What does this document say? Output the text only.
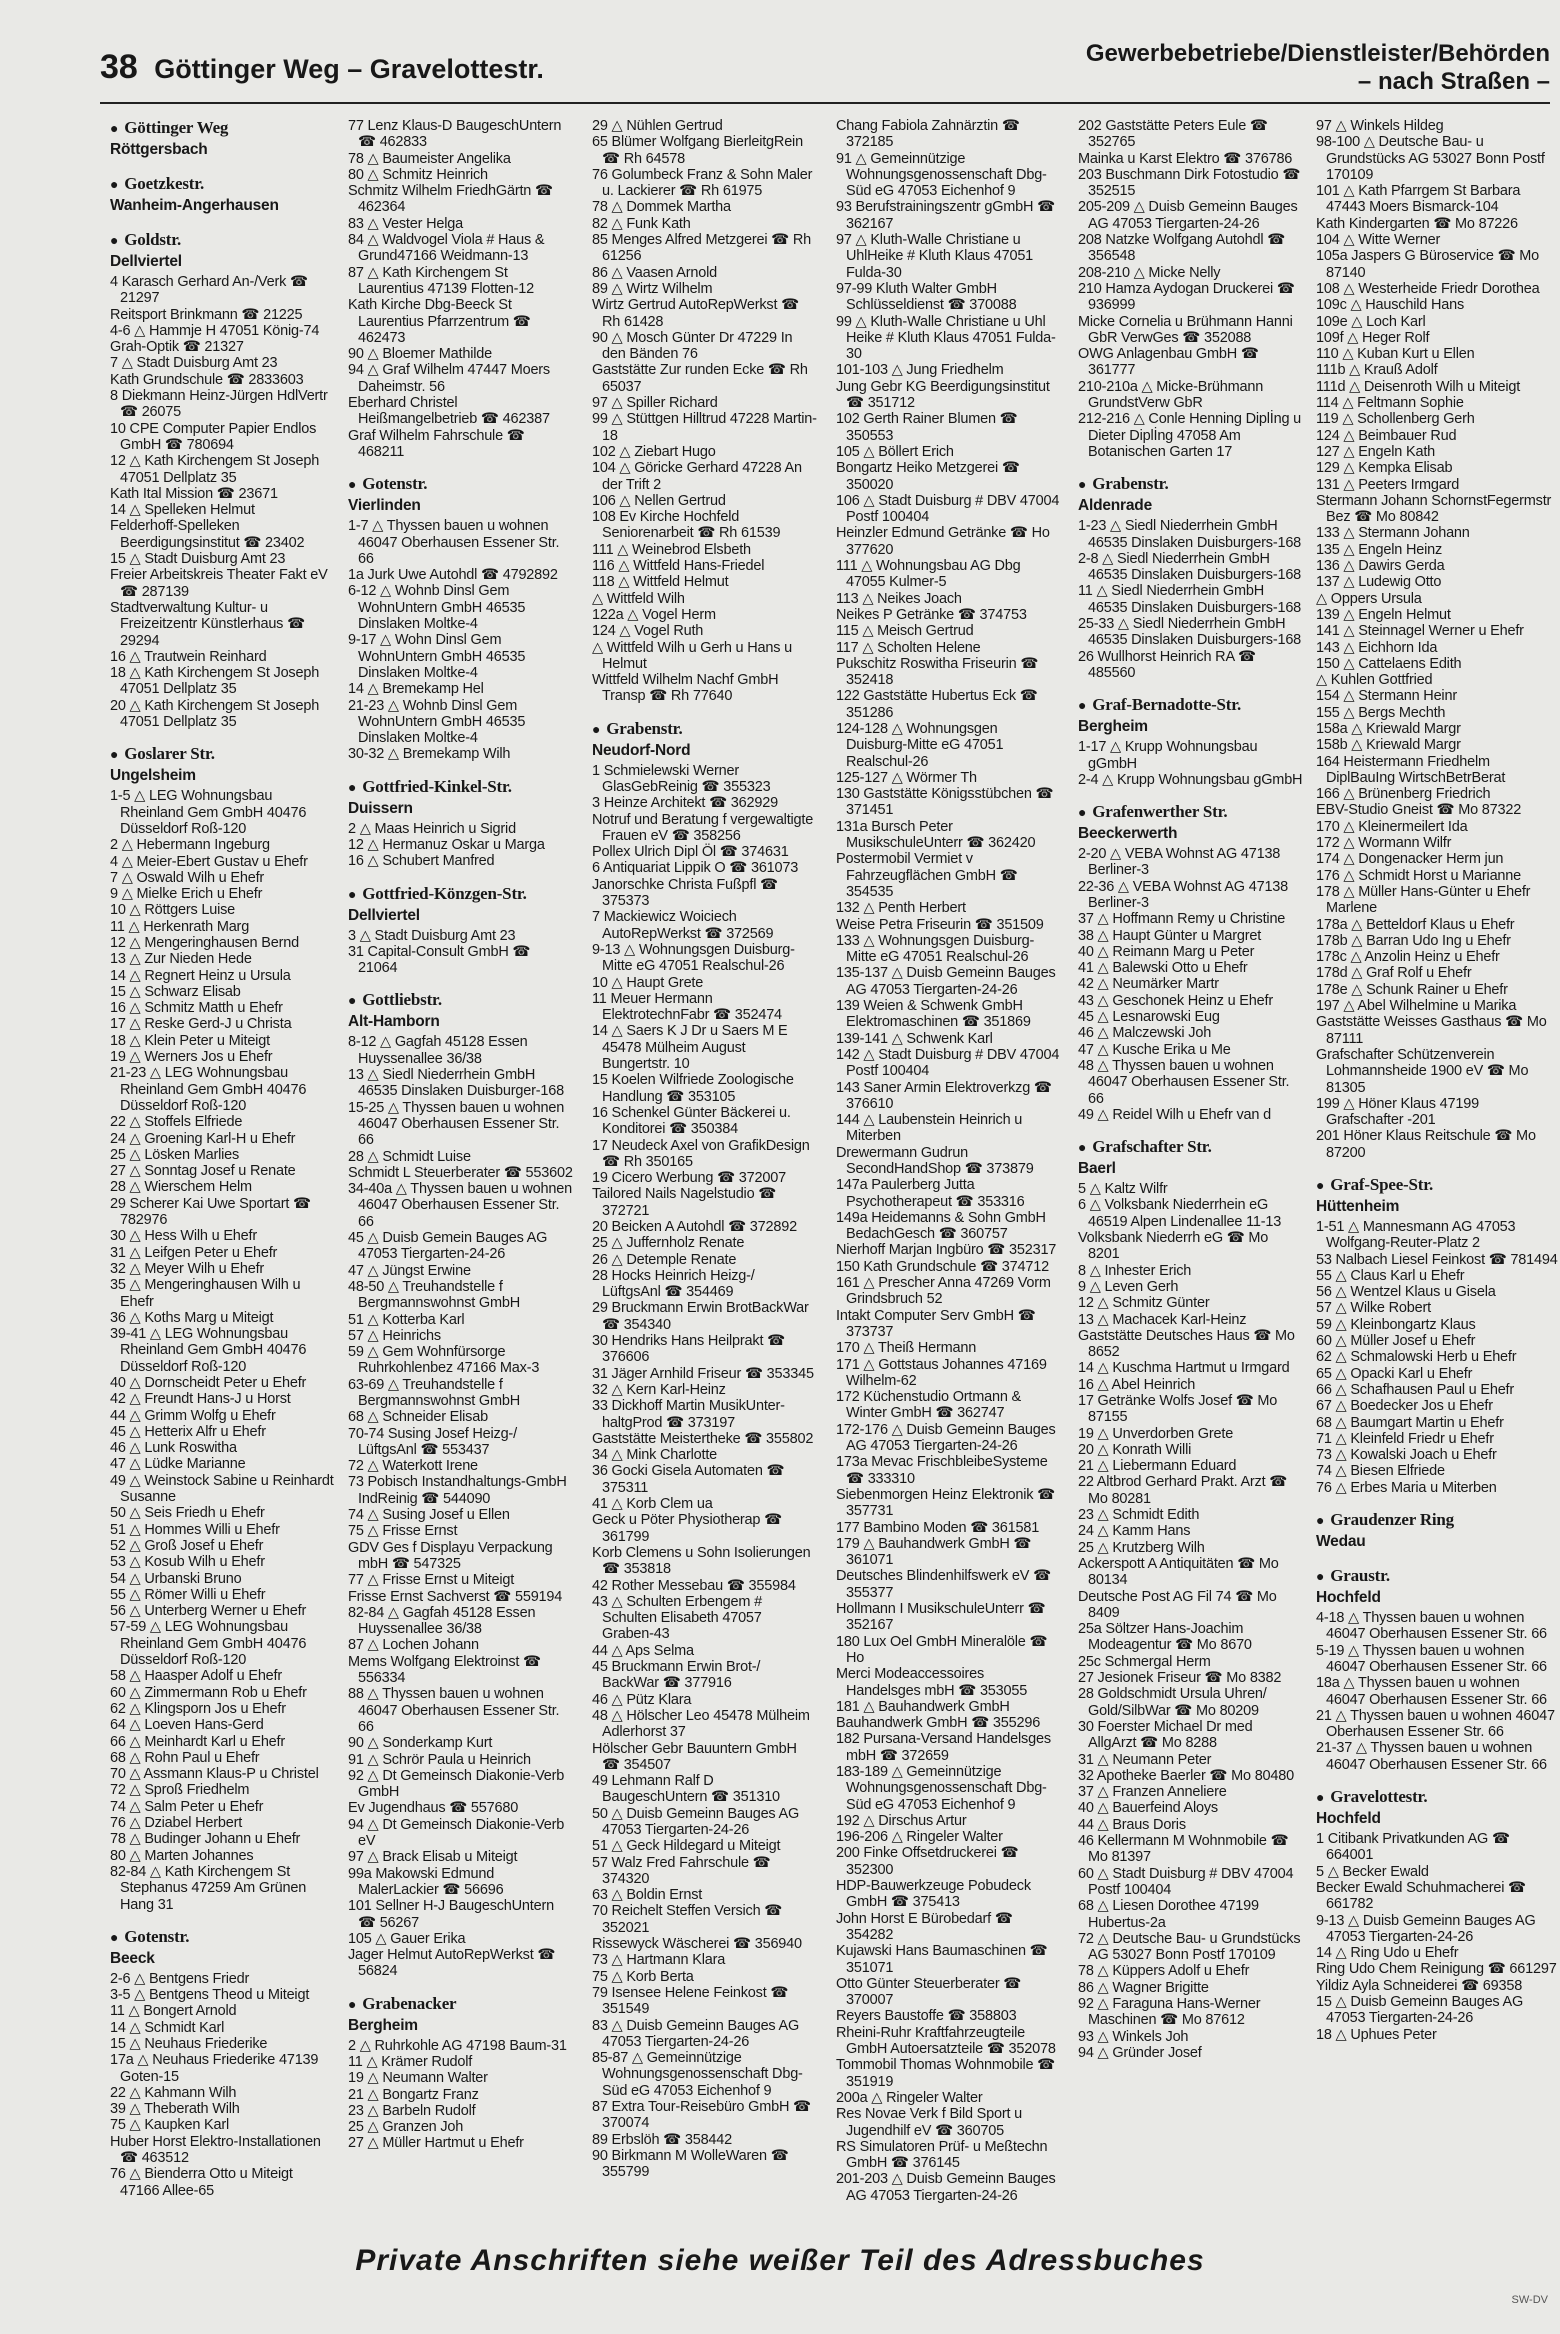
38 Göttinger Weg – Gravelottestr.
Gewerbebetriebe/Dienstleister/Behörden
– nach Straßen –
● Göttinger Weg
Röttgersbach
● Goetzkestr.
Wanheim-Angerhausen
● Goldstr.
Dellviertel
4 Karasch Gerhard An-/Verk ☎ 21297
Reitsport Brinkmann ☎ 21225
4-6 △ Hammje H 47051 König-74
Grah-Optik ☎ 21327
7 △ Stadt Duisburg Amt 23
Kath Grundschule ☎ 2833603
8 Diekmann Heinz-Jürgen HdlVertr ☎ 26075
10 CPE Computer Papier Endlos GmbH ☎ 780694
12 △ Kath Kirchengem St Joseph 47051 Dellplatz 35
Kath Ital Mission ☎ 23671
14 △ Spelleken Helmut
Felderhoff-Spelleken Beerdigungsinstitut ☎ 23402
15 △ Stadt Duisburg Amt 23
Freier Arbeitskreis Theater Fakt eV ☎ 287139
Stadtverwaltung Kultur- u Freizeitzentr Künstlerhaus ☎ 29294
16 △ Trautwein Reinhard
18 △ Kath Kirchengem St Joseph 47051 Dellplatz 35
20 △ Kath Kirchengem St Joseph 47051 Dellplatz 35
● Goslarer Str.
Ungelsheim
1-5 △ LEG Wohnungsbau Rheinland Gem GmbH 40476 Düsseldorf Roß-120
2 △ Hebermann Ingeburg
4 △ Meier-Ebert Gustav u Ehefr
7 △ Oswald Wilh u Ehefr
9 △ Mielke Erich u Ehefr
10 △ Röttgers Luise
11 △ Herkenrath Marg
12 △ Mengeringhausen Bernd
13 △ Zur Nieden Hede
14 △ Regnert Heinz u Ursula
15 △ Schwarz Elisab
16 △ Schmitz Matth u Ehefr
17 △ Reske Gerd-J u Christa
18 △ Klein Peter u Miteigt
19 △ Werners Jos u Ehefr
21-23 △ LEG Wohnungsbau Rheinland Gem GmbH 40476 Düsseldorf Roß-120
22 △ Stoffels Elfriede
24 △ Groening Karl-H u Ehefr
25 △ Lösken Marlies
27 △ Sonntag Josef u Renate
28 △ Wierschem Helm
29 Scherer Kai Uwe Sportart ☎ 782976
30 △ Hess Wilh u Ehefr
31 △ Leifgen Peter u Ehefr
32 △ Meyer Wilh u Ehefr
35 △ Mengeringhausen Wilh u Ehefr
36 △ Koths Marg u Miteigt
39-41 △ LEG Wohnungsbau Rheinland Gem GmbH 40476 Düsseldorf Roß-120
40 △ Dornscheidt Peter u Ehefr
42 △ Freundt Hans-J u Horst
44 △ Grimm Wolfg u Ehefr
45 △ Hetterix Alfr u Ehefr
46 △ Lunk Roswitha
47 △ Lüdke Marianne
49 △ Weinstock Sabine u Reinhardt Susanne
50 △ Seis Friedh u Ehefr
51 △ Hommes Willi u Ehefr
52 △ Groß Josef u Ehefr
53 △ Kosub Wilh u Ehefr
54 △ Urbanski Bruno
55 △ Römer Willi u Ehefr
56 △ Unterberg Werner u Ehefr
57-59 △ LEG Wohnungsbau Rheinland Gem GmbH 40476 Düsseldorf Roß-120
58 △ Haasper Adolf u Ehefr
60 △ Zimmermann Rob u Ehefr
62 △ Klingsporn Jos u Ehefr
64 △ Loeven Hans-Gerd
66 △ Meinhardt Karl u Ehefr
68 △ Rohn Paul u Ehefr
70 △ Assmann Klaus-P u Christel
72 △ Sproß Friedhelm
74 △ Salm Peter u Ehefr
76 △ Dziabel Herbert
78 △ Budinger Johann u Ehefr
80 △ Marten Johannes
82-84 △ Kath Kirchengem St Stephanus 47259 Am Grünen Hang 31
● Gotenstr.
Beeck
2-6 △ Bentgens Friedr
3-5 △ Bentgens Theod u Miteigt
11 △ Bongert Arnold
14 △ Schmidt Karl
15 △ Neuhaus Friederike
17a △ Neuhaus Friederike 47139 Goten-15
22 △ Kahmann Wilh
39 △ Theberath Wilh
75 △ Kaupken Karl
Huber Horst Elektro-Installationen ☎ 463512
76 △ Bienderra Otto u Miteigt 47166 Allee-65
77 Lenz Klaus-D BaugeschUntern ☎ 462833
78 △ Baumeister Angelika
80 △ Schmitz Heinrich
Schmitz Wilhelm FriedhGärtn ☎ 462364
83 △ Vester Helga
84 △ Waldvogel Viola # Haus & Grund47166 Weidmann-13
87 △ Kath Kirchengem St Laurentius 47139 Flotten-12
Kath Kirche Dbg-Beeck St Laurentius Pfarrzentrum ☎ 462473
90 △ Bloemer Mathilde
94 △ Graf Wilhelm 47447 Moers Daheimstr. 56
Eberhard Christel Heißmangelbetrieb ☎ 462387
Graf Wilhelm Fahrschule ☎ 468211
● Gotenstr.
Vierlinden
1-7 △ Thyssen bauen u wohnen 46047 Oberhausen Essener Str. 66
1a Jurk Uwe Autohdl ☎ 4792892
6-12 △ Wohnb Dinsl Gem WohnUntern GmbH 46535 Dinslaken Moltke-4
9-17 △ Wohn Dinsl Gem WohnUntern GmbH 46535 Dinslaken Moltke-4
14 △ Bremekamp Hel
21-23 △ Wohnb Dinsl Gem WohnUntern GmbH 46535 Dinslaken Moltke-4
30-32 △ Bremekamp Wilh
● Gottfried-Kinkel-Str.
Duissern
2 △ Maas Heinrich u Sigrid
12 △ Hermanuz Oskar u Marga
16 △ Schubert Manfred
● Gottfried-Könzgen-Str.
Dellviertel
3 △ Stadt Duisburg Amt 23
31 Capital-Consult GmbH ☎ 21064
● Gottliebstr.
Alt-Hamborn
8-12 △ Gagfah 45128 Essen Huyssenallee 36/38
13 △ Siedl Niederrhein GmbH 46535 Dinslaken Duisburger-168
15-25 △ Thyssen bauen u wohnen 46047 Oberhausen Essener Str. 66
28 △ Schmidt Luise
Schmidt L Steuerberater ☎ 553602
34-40a △ Thyssen bauen u wohnen 46047 Oberhausen Essener Str. 66
45 △ Duisb Gemein Bauges AG 47053 Tiergarten-24-26
47 △ Jüngst Erwine
48-50 △ Treuhandstelle f Bergmannswohnst GmbH
51 △ Kotterba Karl
57 △ Heinrichs
59 △ Gem Wohnfürsorge Ruhrkohlenbez 47166 Max-3
63-69 △ Treuhandstelle f Bergmannswohnst GmbH
68 △ Schneider Elisab
70-74 Susing Josef Heizg-/ LüftgsAnl ☎ 553437
72 △ Waterkott Irene
73 Pobisch Instandhaltungs-GmbH IndReinig ☎ 544090
74 △ Susing Josef u Ellen
75 △ Frisse Ernst
GDV Ges f Displayu Verpackung mbH ☎ 547325
77 △ Frisse Ernst u Miteigt
Frisse Ernst Sachverst ☎ 559194
82-84 △ Gagfah 45128 Essen Huyssenallee 36/38
87 △ Lochen Johann
Mems Wolfgang Elektroinst ☎ 556334
88 △ Thyssen bauen u wohnen 46047 Oberhausen Essener Str. 66
90 △ Sonderkamp Kurt
91 △ Schrör Paula u Heinrich
92 △ Dt Gemeinsch Diakonie-Verb GmbH
Ev Jugendhaus ☎ 557680
94 △ Dt Gemeinsch Diakonie-Verb eV
97 △ Brack Elisab u Miteigt
99a Makowski Edmund MalerLackier ☎ 56696
101 Sellner H-J BaugeschUntern ☎ 56267
105 △ Gauer Erika
Jager Helmut AutoRepWerkst ☎ 56824
● Grabenacker
Bergheim
2 △ Ruhrkohle AG 47198 Baum-31
11 △ Krämer Rudolf
19 △ Neumann Walter
21 △ Bongartz Franz
23 △ Barbeln Rudolf
25 △ Granzen Joh
27 △ Müller Hartmut u Ehefr
29 △ Nühlen Gertrud
65 Blümer Wolfgang BierleitgRein ☎ Rh 64578
76 Golumbeck Franz & Sohn Maler u. Lackierer ☎ Rh 61975
78 △ Dommek Martha
82 △ Funk Kath
85 Menges Alfred Metzgerei ☎ Rh 61256
86 △ Vaasen Arnold
89 △ Wirtz Wilhelm
Wirtz Gertrud AutoRepWerkst ☎ Rh 61428
90 △ Mosch Günter Dr 47229 In den Bänden 76
Gaststätte Zur runden Ecke ☎ Rh 65037
97 △ Spiller Richard
99 △ Stüttgen Hilltrud 47228 Martin-18
102 △ Ziebart Hugo
104 △ Göricke Gerhard 47228 An der Trift 2
106 △ Nellen Gertrud
108 Ev Kirche Hochfeld Seniorenarbeit ☎ Rh 61539
111 △ Weinebrod Elsbeth
116 △ Wittfeld Hans-Friedel
118 △ Wittfeld Helmut
△ Wittfeld Wilh
122a △ Vogel Herm
124 △ Vogel Ruth
△ Wittfeld Wilh u Gerh u Hans u Helmut
Wittfeld Wilhelm Nachf GmbH Transp ☎ Rh 77640
● Grabenstr.
Neudorf-Nord
1 Schmielewski Werner GlasGebReinig ☎ 355323
3 Heinze Architekt ☎ 362929
Notruf und Beratung f vergewaltigte Frauen eV ☎ 358256
Pollex Ulrich Dipl Öl ☎ 374631
6 Antiquariat Lippik O ☎ 361073
Janorschke Christa Fußpfl ☎ 375373
7 Mackiewicz Woiciech AutoRepWerkst ☎ 372569
9-13 △ Wohnungsgen Duisburg-Mitte eG 47051 Realschul-26
10 △ Haupt Grete
11 Meuer Hermann ElektrotechnFabr ☎ 352474
14 △ Saers K J Dr u Saers M E 45478 Mülheim August Bungertstr. 10
15 Koelen Wilfriede Zoologische Handlung ☎ 353105
16 Schenkel Günter Bäckerei u. Konditorei ☎ 350384
17 Neudeck Axel von GrafikDesign ☎ Rh 350165
19 Cicero Werbung ☎ 372007
Tailored Nails Nagelstudio ☎ 372721
20 Beicken A Autohdl ☎ 372892
25 △ Juffernholz Renate
26 △ Detemple Renate
28 Hocks Heinrich Heizg-/ LüftgsAnl ☎ 354469
29 Bruckmann Erwin BrotBackWar ☎ 354340
30 Hendriks Hans Heilprakt ☎ 376606
31 Jäger Arnhild Friseur ☎ 353345
32 △ Kern Karl-Heinz
33 Dickhoff Martin MusikUnter-haltgProd ☎ 373197
Gaststätte Meisterthekе ☎ 355802
34 △ Mink Charlotte
36 Gocki Gisela Automaten ☎ 375311
41 △ Korb Clem ua
Geck u Pöter Physiotherap ☎ 361799
Korb Clemens u Sohn Isolierungen ☎ 353818
42 Rother Messebau ☎ 355984
43 △ Schulten Erbengem # Schulten Elisabeth 47057 Graben-43
44 △ Aps Selma
45 Bruckmann Erwin Brot-/ BackWar ☎ 377916
46 △ Pütz Klara
48 △ Hölscher Leo 45478 Mülheim Adlerhorst 37
Hölscher Gebr Bauuntern GmbH ☎ 354507
49 Lehmann Ralf D BaugeschUntern ☎ 351310
50 △ Duisb Gemeinn Bauges AG 47053 Tiergarten-24-26
51 △ Geck Hildegard u Miteigt
57 Walz Fred Fahrschule ☎ 374320
63 △ Boldin Ernst
70 Reichelt Steffen Versich ☎ 352021
Rissewyck Wäscherei ☎ 356940
73 △ Hartmann Klara
75 △ Korb Berta
79 Isensee Helene Feinkost ☎ 351549
83 △ Duisb Gemeinn Bauges AG 47053 Tiergarten-24-26
85-87 △ Gemeinnützige Wohnungsgenossenschaft Dbg-Süd eG 47053 Eichenhof 9
87 Extra Tour-Reisebüro GmbH ☎ 370074
89 Erbslöh ☎ 358442
90 Birkmann M WolleWaren ☎ 355799
Chang Fabiola Zahnärztin ☎ 372185
91 △ Gemeinnützige Wohnungsgenossenschaft Dbg-Süd eG 47053 Eichenhof 9
93 Berufstrainingszentr gGmbH ☎ 362167
97 △ Kluth-Walle Christiane u UhlHeike # Kluth Klaus 47051 Fulda-30
97-99 Kluth Walter GmbH Schlüsseldienst ☎ 370088
99 △ Kluth-Walle Christiane u Uhl Heike # Kluth Klaus 47051 Fulda-30
101-103 △ Jung Friedhelm
Jung Gebr KG Beerdigungsinstitut ☎ 351712
102 Gerth Rainer Blumen ☎ 350553
105 △ Böllert Erich
Bongartz Heiko Metzgerei ☎ 350020
106 △ Stadt Duisburg # DBV 47004 Postf 100404
Heinzler Edmund Getränke ☎ Ho 377620
111 △ Wohnungsbau AG Dbg 47055 Kulmer-5
113 △ Neikes Joach
Neikes P Getränke ☎ 374753
115 △ Meisch Gertrud
117 △ Scholten Helene
Pukschitz Roswitha Friseurin ☎ 352418
122 Gaststätte Hubertus Eck ☎ 351286
124-128 △ Wohnungsgen Duisburg-Mitte eG 47051 Realschul-26
125-127 △ Wörmer Th
130 Gaststätte Königsstübchen ☎ 371451
131a Bursch Peter MusikschuleUnterr ☎ 362420
Postermobil Vermiet v Fahrzeugflächen GmbH ☎ 354535
132 △ Penth Herbert
Weise Petra Friseurin ☎ 351509
133 △ Wohnungsgen Duisburg-Mitte eG 47051 Realschul-26
135-137 △ Duisb Gemeinn Bauges AG 47053 Tiergarten-24-26
139 Weien & Schwenk GmbH Elektromaschinen ☎ 351869
139-141 △ Schwenk Karl
142 △ Stadt Duisburg # DBV 47004 Postf 100404
143 Saner Armin Elektroverkzg ☎ 376610
144 △ Laubenstein Heinrich u Miterben
Drewermann Gudrun SecondHandShop ☎ 373879
147a Paulerberg Jutta Psychotherapeut ☎ 353316
149a Heidemanns & Sohn GmbH BedachGesch ☎ 360757
Nierhoff Marjan Ingbüro ☎ 352317
150 Kath Grundschule ☎ 374712
161 △ Prescher Anna 47269 Vorm Grindsbruch 52
Intakt Computer Serv GmbH ☎ 373737
170 △ Theiß Hermann
171 △ Gottstaus Johannes 47169 Wilhelm-62
172 Küchenstudio Ortmann & Winter GmbH ☎ 362747
172-176 △ Duisb Gemeinn Bauges AG 47053 Tiergarten-24-26
173a Mevac FrischbleibeSysteme ☎ 333310
Siebenmorgen Heinz Elektronik ☎ 357731
177 Bambino Moden ☎ 361581
179 △ Bauhandwerk GmbH ☎ 361071
Deutsches Blindenhilfswerk eV ☎ 355377
Hollmann I MusikschuleUnterr ☎ 352167
180 Lux Oel GmbH Mineralöle ☎ Ho
Merci Modeaccessoires Handelsges mbH ☎ 353055
181 △ Bauhandwerk GmbH
Bauhandwerk GmbH ☎ 355296
182 Pursana-Versand Handelsges mbH ☎ 372659
183-189 △ Gemeinnützige Wohnungsgenossenschaft Dbg-Süd eG 47053 Eichenhof 9
192 △ Dirschus Artur
196-206 △ Ringeler Walter
200 Finke Offsetdruckerei ☎ 352300
HDP-Bauwerkzeuge Pobudeck GmbH ☎ 375413
John Horst E Bürobedarf ☎ 354282
Kujawski Hans Baumaschinen ☎ 351071
Otto Günter Steuerberater ☎ 370007
Reyers Baustoffe ☎ 358803
Rheini-Ruhr Kraftfahrzeugteile GmbH Autoersatzteile ☎ 352078
Tommobil Thomas Wohnmobile ☎ 351919
200a △ Ringeler Walter
Res Novae Verk f Bild Sport u Jugendhilf eV ☎ 360705
RS Simulatoren Prüf- u Meßtechn GmbH ☎ 376145
201-203 △ Duisb Gemeinn Bauges AG 47053 Tiergarten-24-26
202 Gaststätte Peters Eule ☎ 352765
Mainka u Karst Elektro ☎ 376786
203 Buschmann Dirk Fotostudio ☎ 352515
205-209 △ Duisb Gemeinn Bauges AG 47053 Tiergarten-24-26
208 Natzke Wolfgang Autohdl ☎ 356548
208-210 △ Micke Nelly
210 Hamza Aydogan Druckerei ☎ 936999
Micke Cornelia u Brühmann Hanni GbR VerwGes ☎ 352088
OWG Anlagenbau GmbH ☎ 361777
210-210a △ Micke-Brühmann GrundstVerw GbR
212-216 △ Conle Henning Diplİng u Dieter Diplİng 47058 Am Botanischen Garten 17
● Grabenstr.
Aldenrade
1-23 △ Siedl Niederrhein GmbH 46535 Dinslaken Duisburgers-168
2-8 △ Siedl Niederrhein GmbH 46535 Dinslaken Duisburgers-168
11 △ Siedl Niederrhein GmbH 46535 Dinslaken Duisburgers-168
25-33 △ Siedl Niederrhein GmbH 46535 Dinslaken Duisburgers-168
26 Wullhorst Heinrich RA ☎ 485560
● Graf-Bernadotte-Str.
Bergheim
1-17 △ Krupp Wohnungsbau gGmbH
2-4 △ Krupp Wohnungsbau gGmbH
● Grafenwerther Str.
Beeckerwerth
2-20 △ VEBA Wohnst AG 47138 Berliner-3
22-36 △ VEBA Wohnst AG 47138 Berliner-3
37 △ Hoffmann Remy u Christine
38 △ Haupt Günter u Margret
40 △ Reimann Marg u Peter
41 △ Balewski Otto u Ehefr
42 △ Neumärker Martr
43 △ Geschonek Heinz u Ehefr
45 △ Lesnarowski Eug
46 △ Malczewski Joh
47 △ Kusche Erika u Me
48 △ Thyssen bauen u wohnen 46047 Oberhausen Essener Str. 66
49 △ Reidel Wilh u Ehefr van d
● Grafschafter Str.
Baerl
5 △ Kaltz Wilfr
6 △ Volksbank Niederrhein eG 46519 Alpen Lindenallee 11-13
Volksbank Niederrh eG ☎ Mo 8201
8 △ Inhester Erich
9 △ Leven Gerh
12 △ Schmitz Günter
13 △ Machacek Karl-Heinz
Gaststätte Deutsches Haus ☎ Mo 8652
14 △ Kuschma Hartmut u Irmgard
16 △ Abel Heinrich
17 Getränke Wolfs Josef ☎ Mo 87155
19 △ Unverdorben Grete
20 △ Konrath Willi
21 △ Liebermann Eduard
22 Altbrod Gerhard Prakt. Arzt ☎ Mo 80281
23 △ Schmidt Edith
24 △ Kamm Hans
25 △ Krutzberg Wilh
Ackerspott A Antiquitäten ☎ Mo 80134
Deutsche Post AG Fil 74 ☎ Mo 8409
25a Söltzer Hans-Joachim Modeagentur ☎ Mo 8670
25c Schmergal Herm
27 Jesionek Friseur ☎ Mo 8382
28 Goldschmidt Ursula Uhren/ Gold/SilbWar ☎ Mo 80209
30 Foerster Michael Dr med AllgArzt ☎ Mo 8288
31 △ Neumann Peter
32 Apotheke Baerler ☎ Mo 80480
37 △ Franzen Anneliere
40 △ Bauerfeind Aloys
44 △ Braus Doris
46 Kellermann M Wohnmobile ☎ Mo 81397
60 △ Stadt Duisburg # DBV 47004 Postf 100404
68 △ Liesen Dorothee 47199 Hubertus-2a
72 △ Deutsche Bau- u Grundstücks AG 53027 Bonn Postf 170109
78 △ Küppers Adolf u Ehefr
86 △ Wagner Brigitte
92 △ Faraguna Hans-Werner Maschinen ☎ Mo 87612
93 △ Winkels Joh
94 △ Gründer Josef
97 △ Winkels Hildeg
98-100 △ Deutsche Bau- u Grundstücks AG 53027 Bonn Postf 170109
101 △ Kath Pfarrgem St Barbara 47443 Moers Bismarck-104
Kath Kindergarten ☎ Mo 87226
104 △ Witte Werner
105a Jaspers G Büroservice ☎ Mo 87140
108 △ Westerheide Friedr Dorothea
109c △ Hauschild Hans
109e △ Loch Karl
109f △ Heger Rolf
110 △ Kuban Kurt u Ellen
111b △ Krauß Adolf
111d △ Deisenroth Wilh u Miteigt
114 △ Feltmann Sophie
119 △ Schollenberg Gerh
124 △ Beimbauer Rud
127 △ Engeln Kath
129 △ Kempka Elisab
131 △ Peeters Irmgard
Stermann Johann SchornstFegermstr Bez ☎ Mo 80842
133 △ Stermann Johann
135 △ Engeln Heinz
136 △ Dawirs Gerda
137 △ Ludewig Otto
△ Oppers Ursula
139 △ Engeln Helmut
141 △ Steinnagel Werner u Ehefr
143 △ Eichhorn Ida
150 △ Cattelaens Edith
△ Kuhlen Gottfried
154 △ Stermann Heinr
155 △ Bergs Mechth
158a △ Kriewald Margr
158b △ Kriewald Margr
164 Heistermann Friedhelm DiplBauIng WirtschBetrBerat
166 △ Brünenberg Friedrich
EBV-Studio Gneist ☎ Mo 87322
170 △ Kleinermeilert Ida
172 △ Wormann Wilfr
174 △ Dongenacker Herm jun
176 △ Schmidt Horst u Marianne
178 △ Müller Hans-Günter u Ehefr Marlene
178a △ Betteldorf Klaus u Ehefr
178b △ Barran Udo Ing u Ehefr
178c △ Anzolin Heinz u Ehefr
178d △ Graf Rolf u Ehefr
178e △ Schunk Rainer u Ehefr
197 △ Abel Wilhelmine u Marika
Gaststätte Weisses Gasthaus ☎ Mo 87111
Grafschafter Schützenverein Lohmannsheide 1900 eV ☎ Mo 81305
199 △ Höner Klaus 47199 Grafschafter -201
201 Höner Klaus Reitschule ☎ Mo 87200
● Graf-Spee-Str.
Hüttenheim
1-51 △ Mannesmann AG 47053 Wolfgang-Reuter-Platz 2
53 Nalbach Liesel Feinkost ☎ 781494
55 △ Claus Karl u Ehefr
56 △ Wentzel Klaus u Gisela
57 △ Wilke Robert
59 △ Kleinbongartz Klaus
60 △ Müller Josef u Ehefr
62 △ Schmalowski Herb u Ehefr
65 △ Opacki Karl u Ehefr
66 △ Schafhausen Paul u Ehefr
67 △ Boedecker Jos u Ehefr
68 △ Baumgart Martin u Ehefr
71 △ Kleinfeld Friedr u Ehefr
73 △ Kowalski Joach u Ehefr
74 △ Biesen Elfriede
76 △ Erbes Maria u Miterben
● Graudenzer Ring
Wedau
● Graustr.
Hochfeld
4-18 △ Thyssen bauen u wohnen 46047 Oberhausen Essener Str. 66
5-19 △ Thyssen bauen u wohnen 46047 Oberhausen Essener Str. 66
18a △ Thyssen bauen u wohnen 46047 Oberhausen Essener Str. 66
21 △ Thyssen bauen u wohnen 46047 Oberhausen Essener Str. 66
21-37 △ Thyssen bauen u wohnen 46047 Oberhausen Essener Str. 66
● Gravelottestr.
Hochfeld
1 Citibank Privatkunden AG ☎ 664001
5 △ Becker Ewald
Becker Ewald Schuhmacherei ☎ 661782
9-13 △ Duisb Gemeinn Bauges AG 47053 Tiergarten-24-26
14 △ Ring Udo u Ehefr
Ring Udo Chem Reinigung ☎ 661297
Yildiz Ayla Schneiderei ☎ 69358
15 △ Duisb Gemeinn Bauges AG 47053 Tiergarten-24-26
18 △ Uphues Peter
Private Anschriften siehe weißer Teil des Adressbuches
SW-DV
